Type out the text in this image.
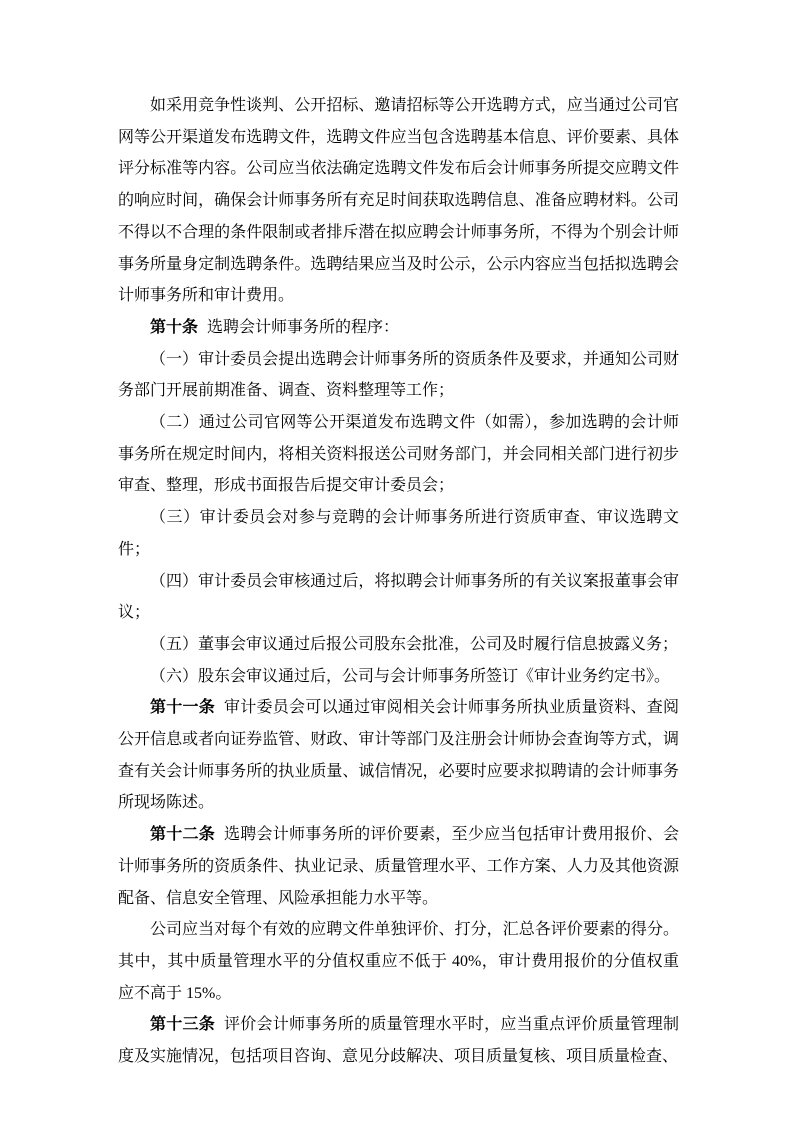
如采用竞争性谈判、公开招标、邀请招标等公开选聘方式，应当通过公司官网等公开渠道发布选聘文件，选聘文件应当包含选聘基本信息、评价要素、具体评分标准等内容。公司应当依法确定选聘文件发布后会计师事务所提交应聘文件的响应时间，确保会计师事务所有充足时间获取选聘信息、准备应聘材料。公司不得以不合理的条件限制或者排斥潜在拟应聘会计师事务所，不得为个别会计师事务所量身定制选聘条件。选聘结果应当及时公示，公示内容应当包括拟选聘会计师事务所和审计费用。

第十条 选聘会计师事务所的程序：

（一）审计委员会提出选聘会计师事务所的资质条件及要求，并通知公司财务部门开展前期准备、调查、资料整理等工作；

（二）通过公司官网等公开渠道发布选聘文件（如需），参加选聘的会计师事务所在规定时间内，将相关资料报送公司财务部门，并会同相关部门进行初步审查、整理，形成书面报告后提交审计委员会；

（三）审计委员会对参与竞聘的会计师事务所进行资质审查、审议选聘文件；

（四）审计委员会审核通过后，将拟聘会计师事务所的有关议案报董事会审议；

（五）董事会审议通过后报公司股东会批准，公司及时履行信息披露义务；

（六）股东会审议通过后，公司与会计师事务所签订《审计业务约定书》。

第十一条 审计委员会可以通过审阅相关会计师事务所执业质量资料、查阅公开信息或者向证券监管、财政、审计等部门及注册会计师协会查询等方式，调查有关会计师事务所的执业质量、诚信情况，必要时应要求拟聘请的会计师事务所现场陈述。

第十二条 选聘会计师事务所的评价要素，至少应当包括审计费用报价、会计师事务所的资质条件、执业记录、质量管理水平、工作方案、人力及其他资源配备、信息安全管理、风险承担能力水平等。

公司应当对每个有效的应聘文件单独评价、打分，汇总各评价要素的得分。其中，其中质量管理水平的分值权重应不低于 40%，审计费用报价的分值权重应不高于 15%。

第十三条 评价会计师事务所的质量管理水平时，应当重点评价质量管理制度及实施情况，包括项目咨询、意见分歧解决、项目质量复核、项目质量检查、
